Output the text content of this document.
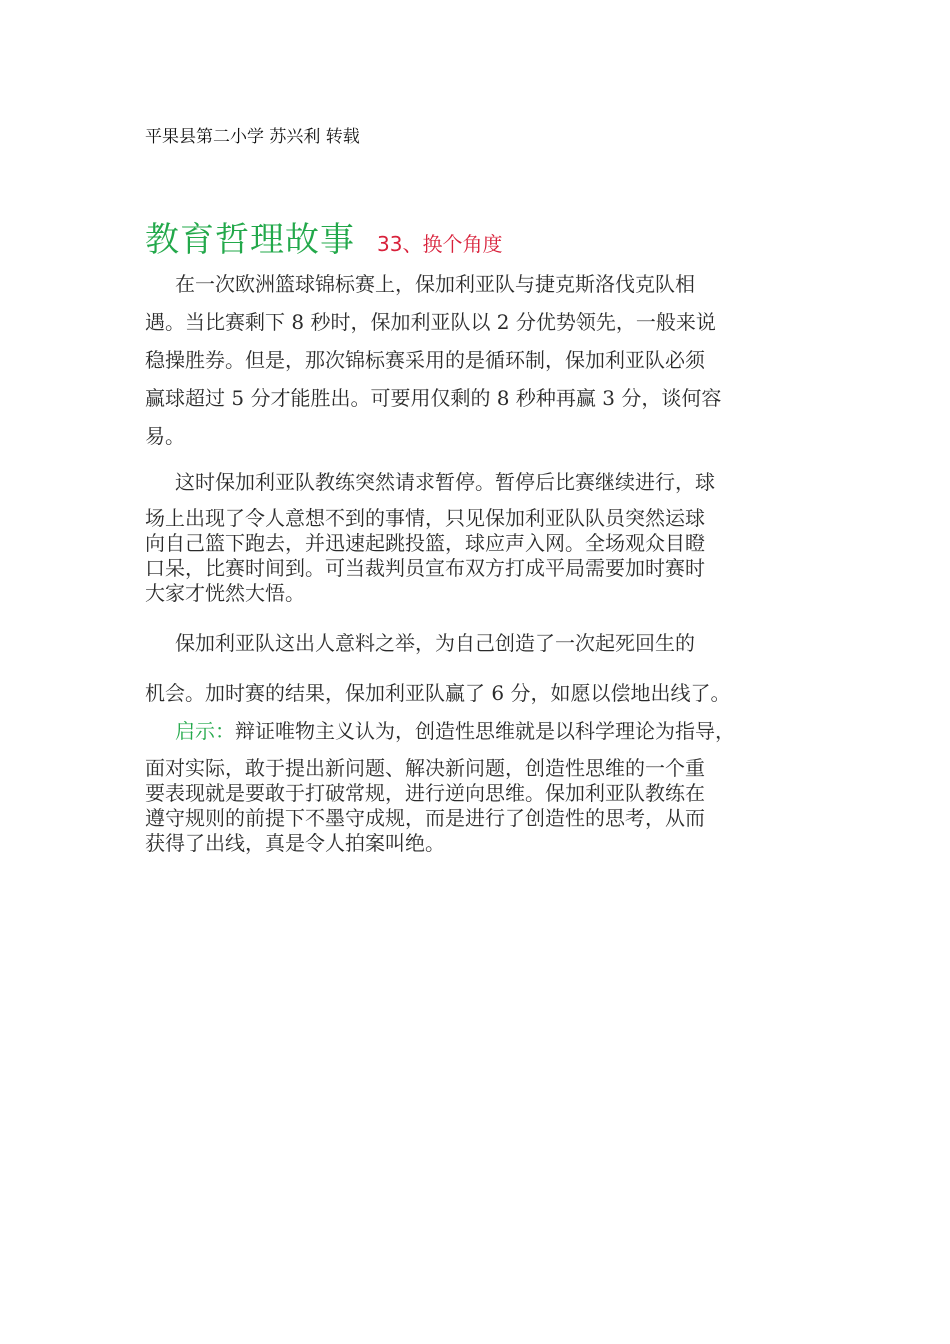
平果县第二小学 苏兴利 转载
教育哲理故事 33、换个角度
在一次欧洲篮球锦标赛上，保加利亚队与捷克斯洛伐克队相
遇。当比赛剩下 8 秒时，保加利亚队以 2 分优势领先，一般来说
稳操胜券。但是，那次锦标赛采用的是循环制，保加利亚队必须
赢球超过 5 分才能胜出。可要用仅剩的 8 秒种再赢 3 分，谈何容
易。
这时保加利亚队教练突然请求暂停。暂停后比赛继续进行，球
场上出现了令人意想不到的事情，只见保加利亚队队员突然运球
向自己篮下跑去，并迅速起跳投篮，球应声入网。全场观众目瞪
口呆，比赛时间到。可当裁判员宣布双方打成平局需要加时赛时
大家才恍然大悟。
保加利亚队这出人意料之举，为自己创造了一次起死回生的
机会。加时赛的结果，保加利亚队赢了 6 分，如愿以偿地出线了。
启示：辩证唯物主义认为，创造性思维就是以科学理论为指导，
面对实际，敢于提出新问题、解决新问题，创造性思维的一个重
要表现就是要敢于打破常规，进行逆向思维。保加利亚队教练在
遵守规则的前提下不墨守成规，而是进行了创造性的思考，从而
获得了出线，真是令人拍案叫绝。
